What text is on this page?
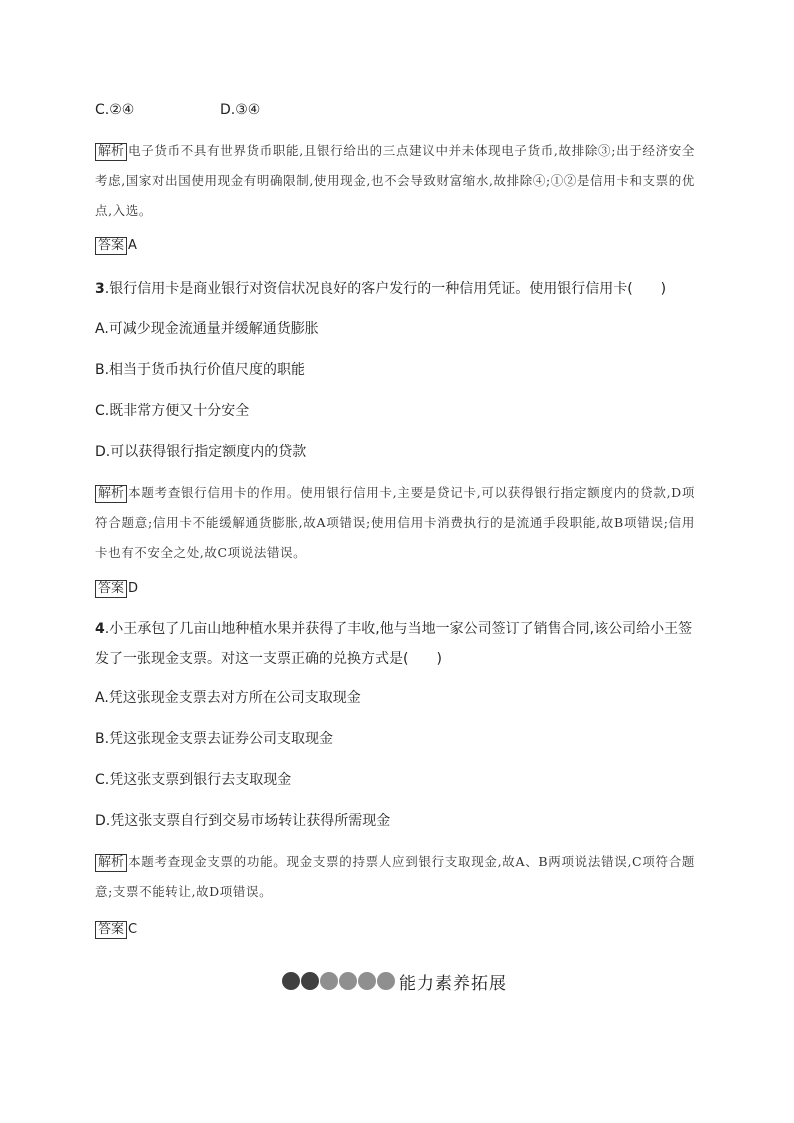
C.②④	D.③④
解析 电子货币不具有世界货币职能,且银行给出的三点建议中并未体现电子货币,故排除③;出于经济安全考虑,国家对出国使用现金有明确限制,使用现金,也不会导致财富缩水,故排除④;①②是信用卡和支票的优点,入选。
答案 A
3.银行信用卡是商业银行对资信状况良好的客户发行的一种信用凭证。使用银行信用卡(　　)
A.可减少现金流通量并缓解通货膨胀
B.相当于货币执行价值尺度的职能
C.既非常方便又十分安全
D.可以获得银行指定额度内的贷款
解析 本题考查银行信用卡的作用。使用银行信用卡,主要是贷记卡,可以获得银行指定额度内的贷款,D项符合题意;信用卡不能缓解通货膨胀,故A项错误;使用信用卡消费执行的是流通手段职能,故B项错误;信用卡也有不安全之处,故C项说法错误。
答案 D
4.小王承包了几亩山地种植水果并获得了丰收,他与当地一家公司签订了销售合同,该公司给小王签发了一张现金支票。对这一支票正确的兑换方式是(　　)
A.凭这张现金支票去对方所在公司支取现金
B.凭这张现金支票去证券公司支取现金
C.凭这张支票到银行去支取现金
D.凭这张支票自行到交易市场转让获得所需现金
解析 本题考查现金支票的功能。现金支票的持票人应到银行支取现金,故A、B两项说法错误,C项符合题意;支票不能转让,故D项错误。
答案 C
能力素养拓展
